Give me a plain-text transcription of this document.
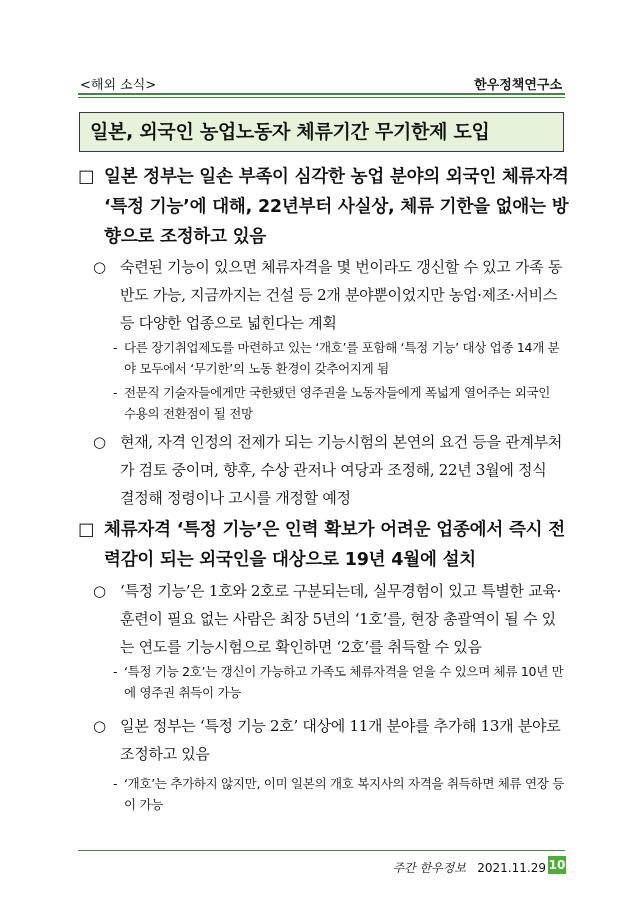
<해외 소식>	한우정책연구소
일본, 외국인 농업노동자 체류기간 무기한제 도입
□ 일본 정부는 일손 부족이 심각한 농업 분야의 외국인 체류자격 ‘특정 기능’에 대해, 22년부터 사실상, 체류 기한을 없애는 방향으로 조정하고 있음
○ 숙련된 기능이 있으면 체류자격을 몇 번이라도 갱신할 수 있고 가족 동반도 가능, 지금까지는 건설 등 2개 분야뿐이었지만 농업·제조·서비스 등 다양한 업종으로 넓힌다는 계획
- 다른 장기취업제도를 마련하고 있는 ‘개호’를 포함해 ‘특정 기능’ 대상 업종 14개 분야 모두에서 ‘무기한’의 노동 환경이 갖추어지게 됨
- 전문직 기술자들에게만 국한됐던 영주권을 노동자들에게 폭넓게 열어주는 외국인 수용의 전환점이 될 전망
○ 현재, 자격 인정의 전제가 되는 기능시험의 본연의 요건 등을 관계부처가 검토 중이며, 향후, 수상 관저나 여당과 조정해, 22년 3월에 정식 결정해 정령이나 고시를 개정할 예정
□ 체류자격 ‘특정 기능’은 인력 확보가 어려운 업종에서 즉시 전력감이 되는 외국인을 대상으로 19년 4월에 설치
○ ‘특정 기능’은 1호와 2호로 구분되는데, 실무경험이 있고 특별한 교육·훈련이 필요 없는 사람은 최장 5년의 ‘1호’를, 현장 총괄역이 될 수 있는 연도를 기능시험으로 확인하면 ‘2호’를 취득할 수 있음
- ‘특정 기능 2호’는 갱신이 가능하고 가족도 체류자격을 얻을 수 있으며 체류 10년 만에 영주권 취득이 가능
○ 일본 정부는 ‘특정 기능 2호’ 대상에 11개 분야를 추가해 13개 분야로 조정하고 있음
- ‘개호’는 추가하지 않지만, 이미 일본의 개호 복지사의 자격을 취득하면 체류 연장 등이 가능
주간 한우정보 2021.11.29 10
